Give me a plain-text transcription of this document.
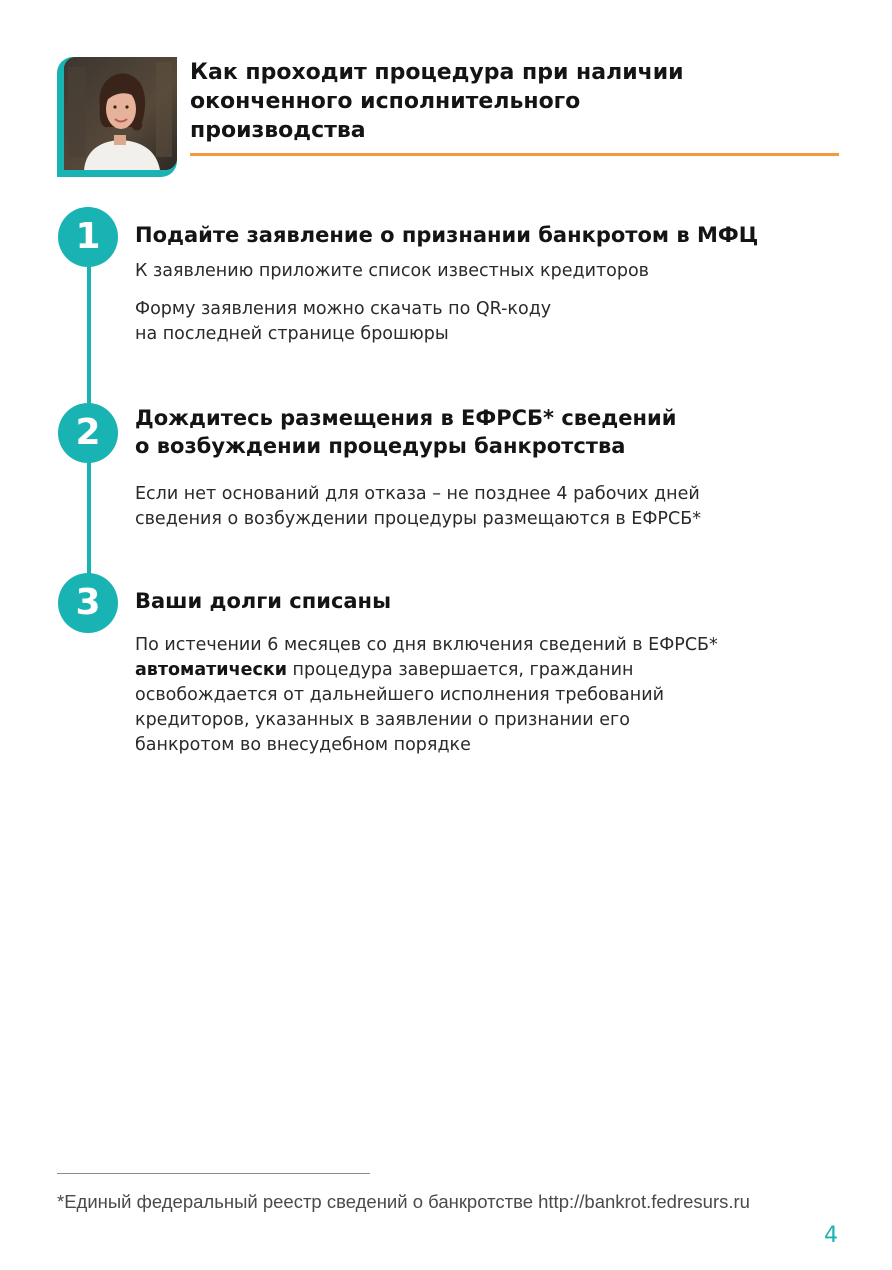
Как проходит процедура при наличии
оконченного исполнительного
производства
1	Подайте заявление о признании банкротом в МФЦ

К заявлению приложите список известных кредиторов

Форму заявления можно скачать по QR-коду
на последней странице брошюры

2	Дождитесь размещения в ЕФРСБ* сведений
о возбуждении процедуры банкротства

Если нет оснований для отказа – не позднее 4 рабочих дней
сведения о возбуждении процедуры размещаются в ЕФРСБ*

3	Ваши долги списаны

По истечении 6 месяцев со дня включения сведений в ЕФРСБ*
автоматически процедура завершается, гражданин
освобождается от дальнейшего исполнения требований
кредиторов, указанных в заявлении о признании его
банкротом во внесудебном порядке

*Единый федеральный реестр сведений о банкротстве http://bankrot.fedresurs.ru
4
